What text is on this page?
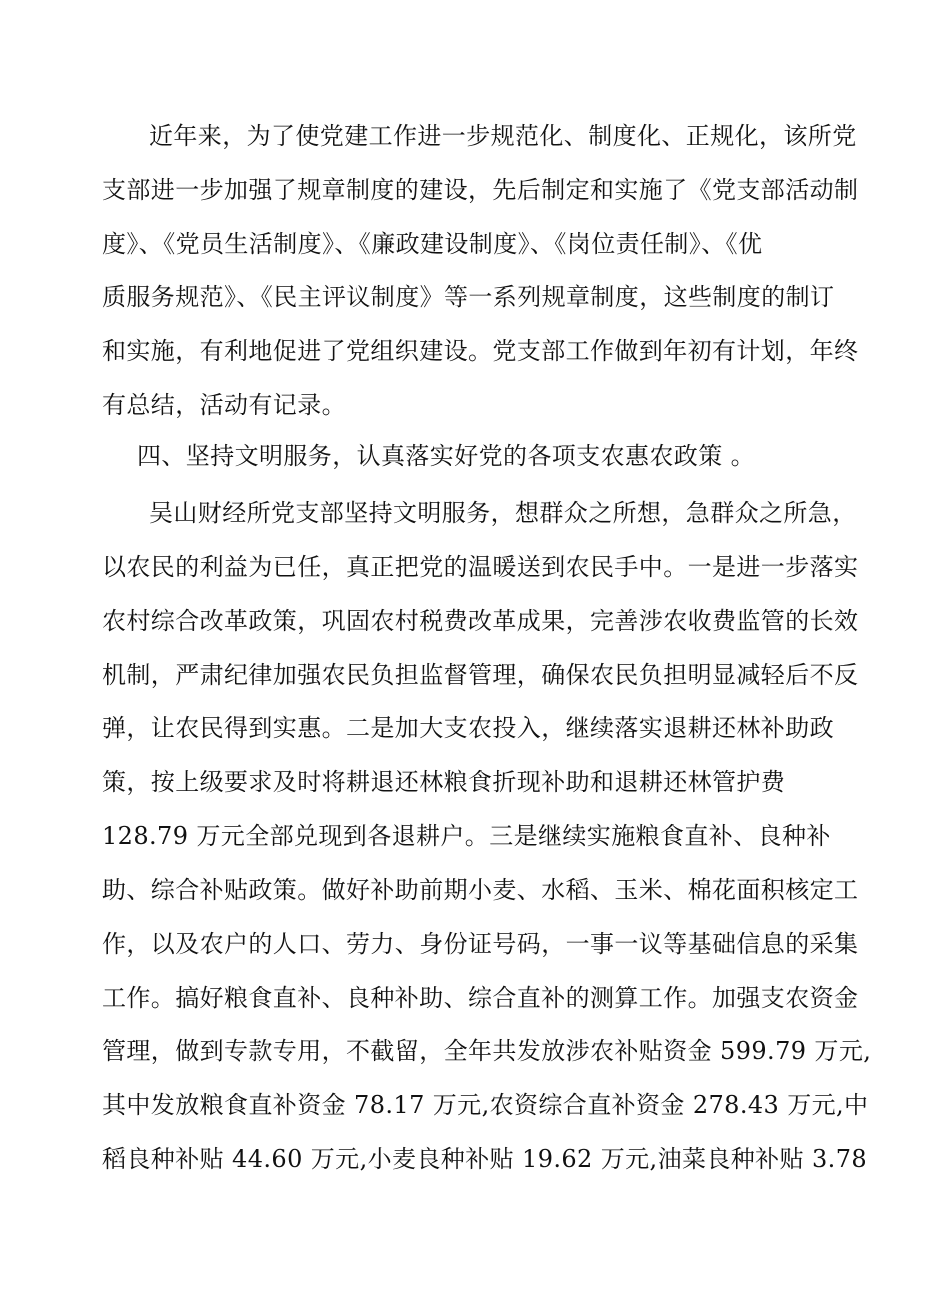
近年来，为了使党建工作进一步规范化、制度化、正规化，该所党
支部进一步加强了规章制度的建设，先后制定和实施了《党支部活动制
度》、《党员生活制度》、《廉政建设制度》、《岗位责任制》、《优
质服务规范》、《民主评议制度》等一系列规章制度，这些制度的制订
和实施，有利地促进了党组织建设。党支部工作做到年初有计划，年终
有总结，活动有记录。
四、坚持文明服务，认真落实好党的各项支农惠农政策 。
吴山财经所党支部坚持文明服务，想群众之所想，急群众之所急，
以农民的利益为已任，真正把党的温暖送到农民手中。一是进一步落实
农村综合改革政策，巩固农村税费改革成果，完善涉农收费监管的长效
机制，严肃纪律加强农民负担监督管理，确保农民负担明显减轻后不反
弹，让农民得到实惠。二是加大支农投入，继续落实退耕还林补助政
策，按上级要求及时将耕退还林粮食折现补助和退耕还林管护费
128.79 万元全部兑现到各退耕户。三是继续实施粮食直补、良种补
助、综合补贴政策。做好补助前期小麦、水稻、玉米、棉花面积核定工
作，以及农户的人口、劳力、身份证号码，一事一议等基础信息的采集
工作。搞好粮食直补、良种补助、综合直补的测算工作。加强支农资金
管理，做到专款专用，不截留，全年共发放涉农补贴资金 599.79 万元,
其中发放粮食直补资金 78.17 万元,农资综合直补资金 278.43 万元,中
稻良种补贴 44.60 万元,小麦良种补贴 19.62 万元,油菜良种补贴 3.78
